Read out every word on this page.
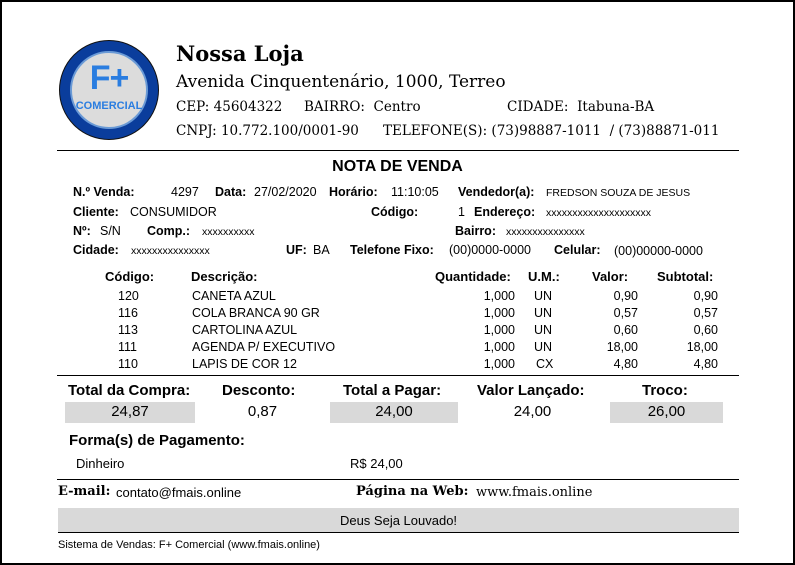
F+
COMERCIAL
Nossa Loja
Avenida Cinquentenário, 1000, Terreo
CEP: 45604322 BAIRRO: Centro	CIDADE: Itabuna-BA
CNPJ: 10.772.100/0001-90 TELEFONE(S): (73)98887-1011  / (73)88871-011
NOTA DE VENDA
N.º Venda:	4297 Data: 27/02/2020 Horário: 11:10:05 Vendedor(a): FREDSON SOUZA DE JESUS
Cliente: CONSUMIDOR	Código:	1 Endereço: xxxxxxxxxxxxxxxxxxxx
Nº: S/N Comp.: xxxxxxxxxx	Bairro: xxxxxxxxxxxxxxx
Cidade: xxxxxxxxxxxxxxx	UF: BA Telefone Fixo: (00)0000-0000 Celular: (00)00000-0000
Código:	Descrição:	Quantidade: U.M.: Valor: Subtotal:
120	CANETA AZUL	1,000 UN	0,90	0,90
116	COLA BRANCA 90 GR	1,000 UN	0,57	0,57
113	CARTOLINA AZUL	1,000 UN	0,60	0,60
111	AGENDA P/ EXECUTIVO	1,000 UN	18,00	18,00
110	LAPIS DE COR 12	1,000 CX	4,80	4,80
Total da Compra:
24,87
Desconto:
0,87
Total a Pagar:
24,00
Valor Lançado:
24,00
Troco:
26,00
Forma(s) de Pagamento:
Dinheiro	R$ 24,00
E-mail: contato@fmais.online	Página na Web: www.fmais.online
Deus Seja Louvado!
Sistema de Vendas: F+ Comercial (www.fmais.online)
